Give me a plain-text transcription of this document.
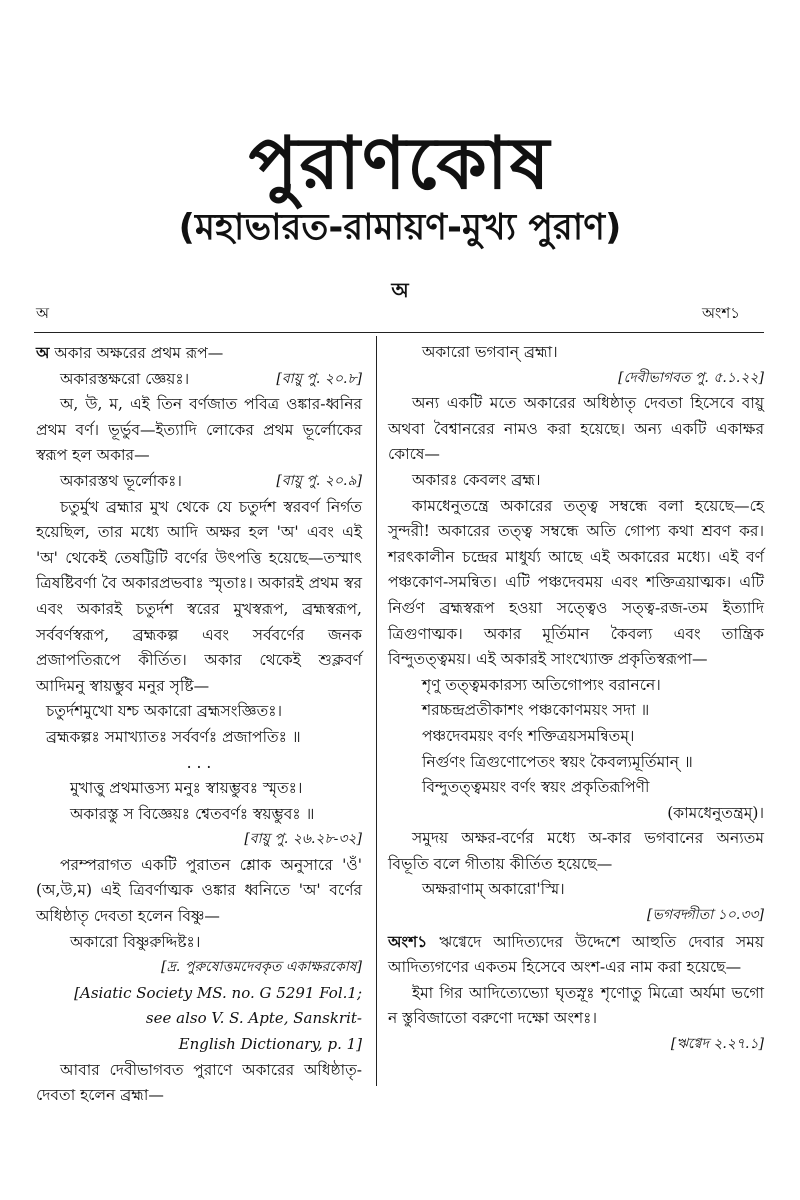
পুরাণকোষ
(মহাভারত-রামায়ণ-মুখ্য পুরাণ)
অ
অ	অংশ১

অ অকার অক্ষরের প্রথম রূপ—

অকারস্তক্ষরো জ্ঞেয়ঃ।	[বায়ু পু. ২০.৮]

অ, উ, ম, এই তিন বর্ণজাত পবিত্র ওঙ্কার-ধ্বনির প্রথম বর্ণ। ভূর্ভুব—ইত্যাদি লোকের প্রথম ভূর্লোকের স্বরূপ হল অকার—

অকারস্তথ ভূর্লোকঃ।	[বায়ু পু. ২০.৯]

চতুর্মুখ ব্রহ্মার মুখ থেকে যে চতুর্দশ স্বরবর্ণ নির্গত হয়েছিল, তার মধ্যে আদি অক্ষর হল 'অ' এবং এই 'অ' থেকেই তেষট্টিটি বর্ণের উৎপত্তি হয়েছে—তস্মাৎ ত্রিষষ্টিবর্ণা বৈ অকারপ্রভবাঃ স্মৃতাঃ। অকারই প্রথম স্বর এবং অকারই চতুর্দশ স্বরের মুখস্বরূপ, ব্রহ্মস্বরূপ, সর্ববর্ণস্বরূপ, ব্রহ্মকল্প এবং সর্ববর্ণের জনক প্রজাপতিরূপে কীর্তিত। অকার থেকেই শুক্লবর্ণ আদিমনু স্বায়ম্ভুব মনুর সৃষ্টি—

চতুর্দশমুখো যশ্চ অকারো ব্রহ্মসংজ্ঞিতঃ।

ব্রহ্মকল্পঃ সমাখ্যাতঃ সর্ববর্ণঃ প্রজাপতিঃ ॥

. . .

মুখাত্তু প্রথমাত্তস্য মনুঃ স্বায়ম্ভুবঃ স্মৃতঃ।

অকারস্তু স বিজ্ঞেয়ঃ শ্বেতবর্ণঃ স্বয়ম্ভুবঃ ॥

[বায়ু পু. ২৬.২৮-৩২]

পরম্পরাগত একটি পুরাতন শ্লোক অনুসারে 'ওঁ' (অ,উ,ম) এই ত্রিবর্ণাত্মক ওঙ্কার ধ্বনিতে 'অ' বর্ণের অধিষ্ঠাতৃ দেবতা হলেন বিষ্ণু—

অকারো বিষ্ণুরুদ্দিষ্টঃ।

[দ্র. পুরুষোত্তমদেবকৃত একাক্ষরকোষ]

[Asiatic Society MS. no. G 5291 Fol.1;

see also V. S. Apte, Sanskrit-

English Dictionary, p. 1]

আবার দেবীভাগবত পুরাণে অকারের অধিষ্ঠাতৃ-দেবতা হলেন ব্রহ্মা—

অকারো ভগবান্ ব্রহ্মা।

[দেবীভাগবত পু. ৫.১.২২]

অন্য একটি মতে অকারের অধিষ্ঠাতৃ দেবতা হিসেবে বায়ু অথবা বৈশ্বানরের নামও করা হয়েছে। অন্য একটি একাক্ষর কোষে—

অকারঃ কেবলং ব্রহ্ম।

কামধেনুতন্ত্রে অকারের তত্ত্ব সম্বন্ধে বলা হয়েছে—হে সুন্দরী! অকারের তত্ত্ব সম্বন্ধে অতি গোপ্য কথা শ্রবণ কর। শরৎকালীন চন্দ্রের মাধুর্য্য আছে এই অকারের মধ্যে। এই বর্ণ পঞ্চকোণ-সমন্বিত। এটি পঞ্চদেবময় এবং শক্তিত্রয়াত্মক। এটি নির্গুণ ব্রহ্মস্বরূপ হওয়া সত্ত্বেও সত্ত্ব-রজ-তম ইত্যাদি ত্রিগুণাত্মক। অকার মূর্তিমান কৈবল্য এবং তান্ত্রিক বিন্দুতত্ত্বময়। এই অকারই সাংখ্যোক্ত প্রকৃতিস্বরূপা—

শৃণু তত্ত্বমকারস্য অতিগোপ্যং বরাননে।

শরচ্চন্দ্রপ্রতীকাশং পঞ্চকোণময়ং সদা ॥

পঞ্চদেবময়ং বর্ণং শক্তিত্রয়সমন্বিতম্।

নির্গুণং ত্রিগুণোপেতং স্বয়ং কৈবল্যমূর্তিমান্ ॥

বিন্দুতত্ত্বময়ং বর্ণং স্বয়ং প্রকৃতিরূপিণী

(কামধেনুতন্ত্রম্)।

সমুদয় অক্ষর-বর্ণের মধ্যে অ-কার ভগবানের অন্যতম বিভূতি বলে গীতায় কীর্তিত হয়েছে—

অক্ষরাণাম্ অকারো'স্মি।

[ভগবদ্গীতা ১০.৩৩]

অংশ১ ঋগ্বেদে আদিত্যদের উদ্দেশে আহুতি দেবার সময় আদিত্যগণের একতম হিসেবে অংশ-এর নাম করা হয়েছে—

ইমা গির আদিত্যেভ্যো ঘৃতস্নূঃ শৃণোতু মিত্রো অর্যমা ভগো ন স্তুবিজাতো বরুণো দক্ষো অংশঃ।

[ঋগ্বেদ ২.২৭.১]
